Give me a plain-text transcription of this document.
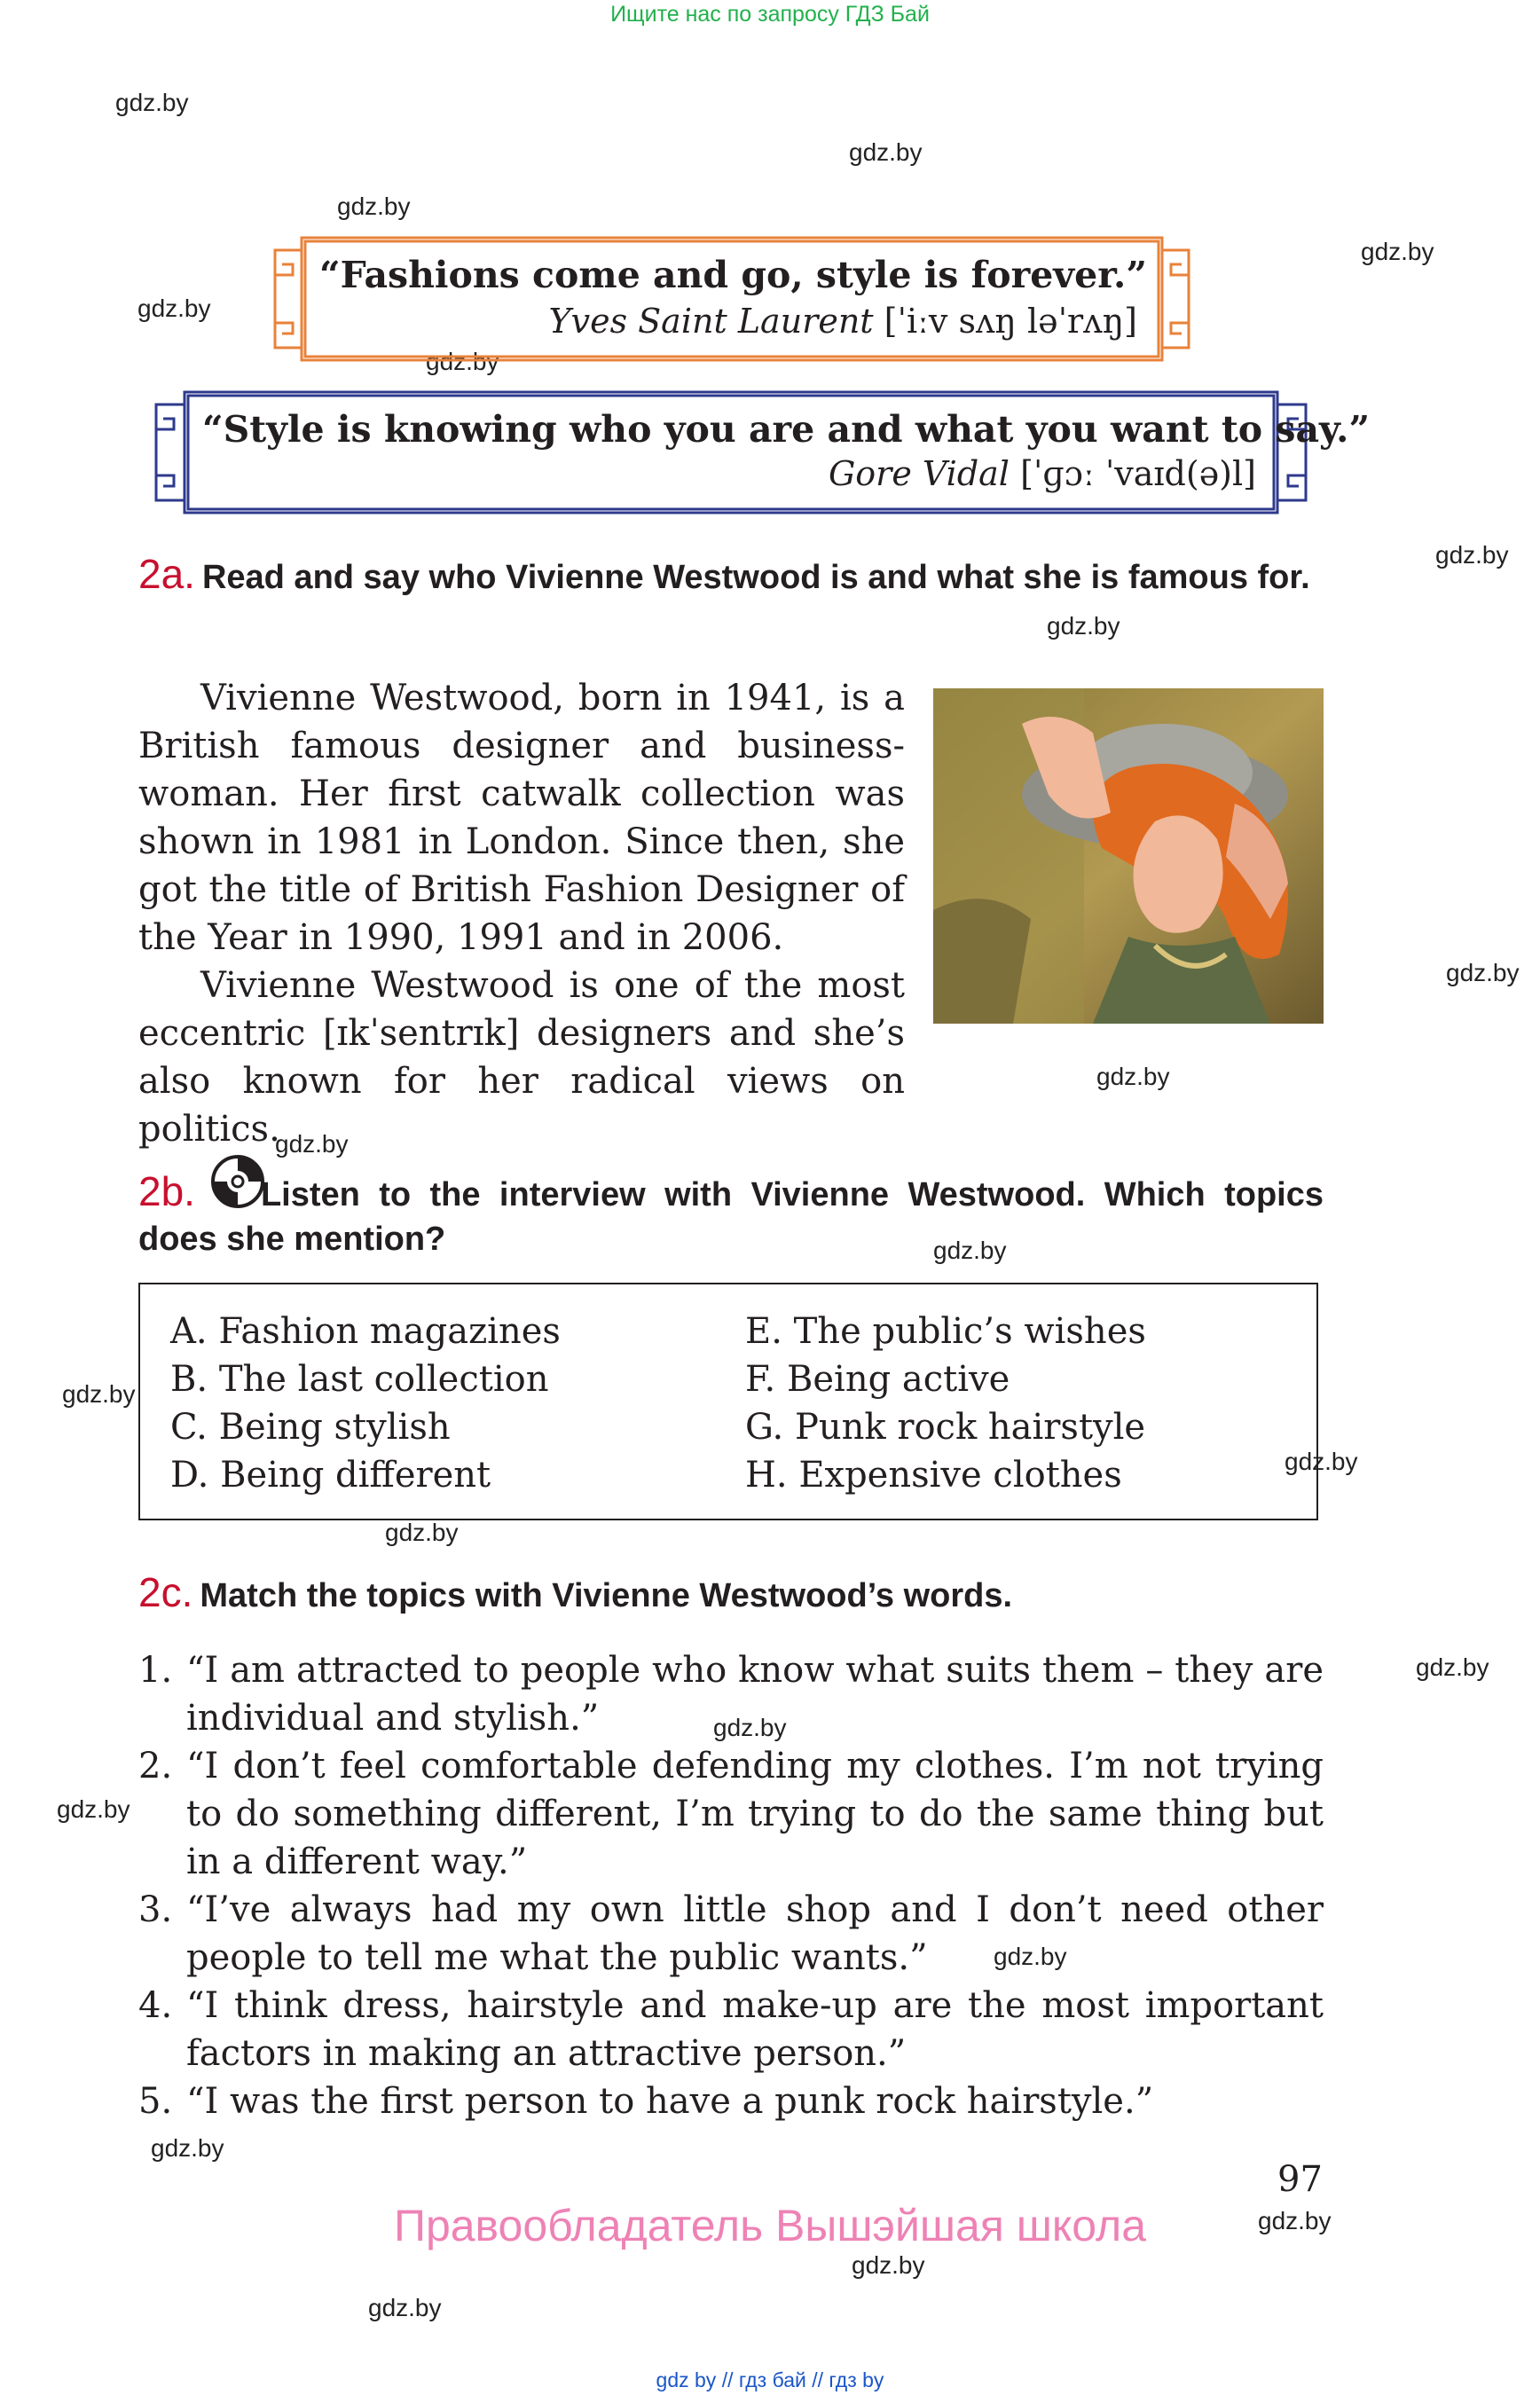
Ищите нас по запросу ГДЗ Бай
gdz.by
gdz.by
gdz.by
gdz.by
gdz.by
gdz.by
gdz.by
gdz.by
gdz.by
gdz.by
gdz.by
gdz.by
gdz.by
gdz.by
gdz.by
gdz.by
gdz.by
gdz.by
gdz.by
gdz.by
gdz.by
gdz.by
gdz.by
“Fashions come and go, style is forever.”
Yves Saint Laurent [ˈiːv sʌŋ ləˈrʌŋ]
“Style is knowing who you are and what you want to say.”
Gore Vidal [ˈɡɔː ˈvaɪd(ə)l]
2a. Read and say who Vivienne Westwood is and what she is famous for.

Vivienne Westwood, born in 1941, is a British famous designer and business-woman. Her first catwalk collection was shown in 1981 in London. Since then, she got the title of British Fashion Designer of the Year in 1990, 1991 and in 2006.

Vivienne Westwood is one of the most eccentric [ɪkˈsentrɪk] designers and she’s also known for her radical views on politics.

2b. Listen to the interview with Vivienne Westwood. Which topics does she mention?
A. Fashion magazines
B. The last collection
C. Being stylish
D. Being different
E. The public’s wishes
F. Being active
G. Punk rock hairstyle
H. Expensive clothes
2c. Match the topics with Vivienne Westwood’s words.
1. “I am attracted to people who know what suits them – they are individual and stylish.”
2. “I don’t feel comfortable defending my clothes. I’m not trying to do something different, I’m trying to do the same thing but in a different way.”
3. “I’ve always had my own little shop and I don’t need other people to tell me what the public wants.”
4. “I think dress, hairstyle and make-up are the most important factors in making an attractive person.”
5. “I was the first person to have a punk rock hairstyle.”
97
Правообладатель Вышэйшая школа
gdz by // гдз бай // гдз by
